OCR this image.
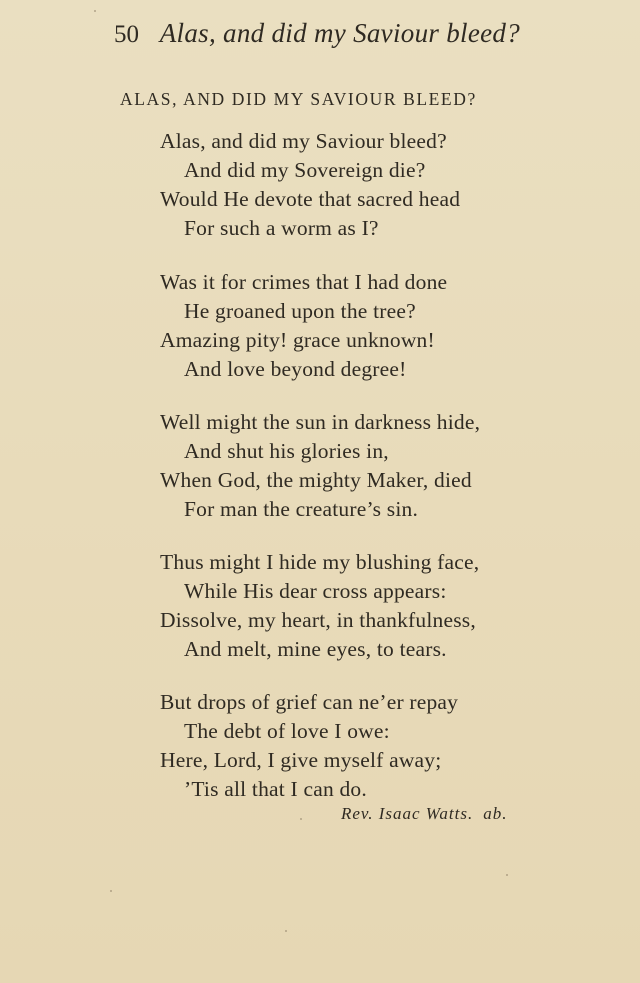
50 Alas, and did my Saviour bleed?
ALAS, AND DID MY SAVIOUR BLEED?
Alas, and did my Saviour bleed?
And did my Sovereign die?
Would He devote that sacred head
For such a worm as I?
Was it for crimes that I had done
He groaned upon the tree?
Amazing pity! grace unknown!
And love beyond degree!
Well might the sun in darkness hide,
And shut his glories in,
When God, the mighty Maker, died
For man the creature’s sin.
Thus might I hide my blushing face,
While His dear cross appears:
Dissolve, my heart, in thankfulness,
And melt, mine eyes, to tears.
But drops of grief can ne’er repay
The debt of love I owe:
Here, Lord, I give myself away;
’Tis all that I can do.
Rev. Isaac Watts. ab.
